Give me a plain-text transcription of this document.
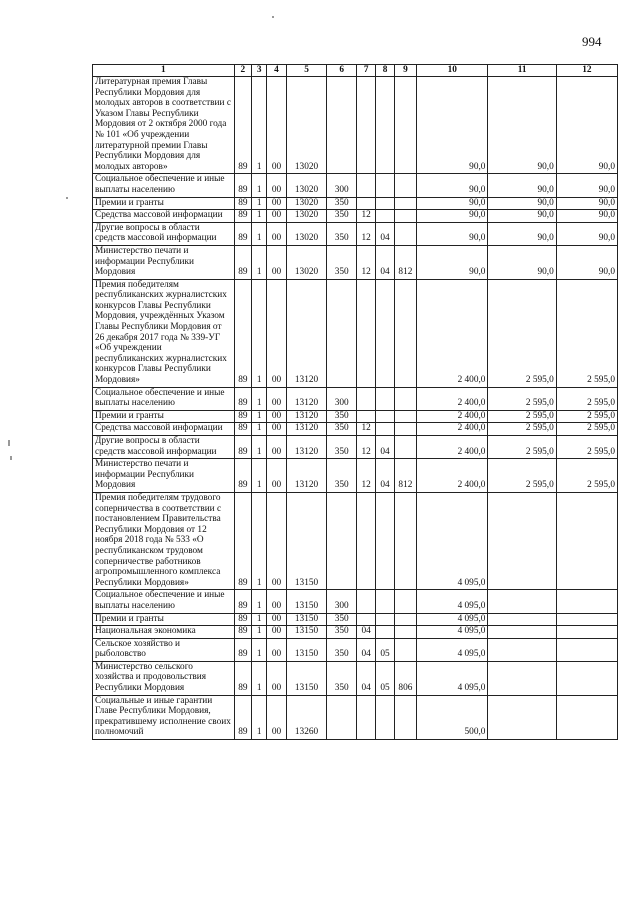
994
1	2	3	4	5	6	7	8	9	10	11	12
Литературная премия Главы Республики Мордовия для молодых авторов в соответствии с Указом Главы Республики Мордовия от 2 октября 2000 года № 101 «Об учреждении литературной премии Главы Республики Мордовия для молодых авторов»	89	1	00	13020					90,0	90,0	90,0
Социальное обеспечение и иные выплаты населению	89	1	00	13020	300				90,0	90,0	90,0
Премии и гранты	89	1	00	13020	350				90,0	90,0	90,0
Средства массовой информации	89	1	00	13020	350	12			90,0	90,0	90,0
Другие вопросы в области средств массовой информации	89	1	00	13020	350	12	04		90,0	90,0	90,0
Министерство печати и информации Республики Мордовия	89	1	00	13020	350	12	04	812	90,0	90,0	90,0
Премия победителям республиканских журналистских конкурсов Главы Республики Мордовия, учреждённых Указом Главы Республики Мордовия от 26 декабря 2017 года № 339-УГ «Об учреждении республиканских журналистских конкурсов Главы Республики Мордовия»	89	1	00	13120					2 400,0	2 595,0	2 595,0
Социальное обеспечение и иные выплаты населению	89	1	00	13120	300				2 400,0	2 595,0	2 595,0
Премии и гранты	89	1	00	13120	350				2 400,0	2 595,0	2 595,0
Средства массовой информации	89	1	00	13120	350	12			2 400,0	2 595,0	2 595,0
Другие вопросы в области средств массовой информации	89	1	00	13120	350	12	04		2 400,0	2 595,0	2 595,0
Министерство печати и информации Республики Мордовия	89	1	00	13120	350	12	04	812	2 400,0	2 595,0	2 595,0
Премия победителям трудового соперничества в соответствии с постановлением Правительства Республики Мордовия от 12 ноября 2018 года № 533 «О республиканском трудовом соперничестве работников агропромышленного комплекса Республики Мордовия»	89	1	00	13150					4 095,0		
Социальное обеспечение и иные выплаты населению	89	1	00	13150	300				4 095,0		
Премии и гранты	89	1	00	13150	350				4 095,0		
Национальная экономика	89	1	00	13150	350	04			4 095,0		
Сельское хозяйство и рыболовство	89	1	00	13150	350	04	05		4 095,0		
Министерство сельского хозяйства и продовольствия Республики Мордовия	89	1	00	13150	350	04	05	806	4 095,0		
Социальные и иные гарантии Главе Республики Мордовия, прекратившему исполнение своих полномочий	89	1	00	13260					500,0		
